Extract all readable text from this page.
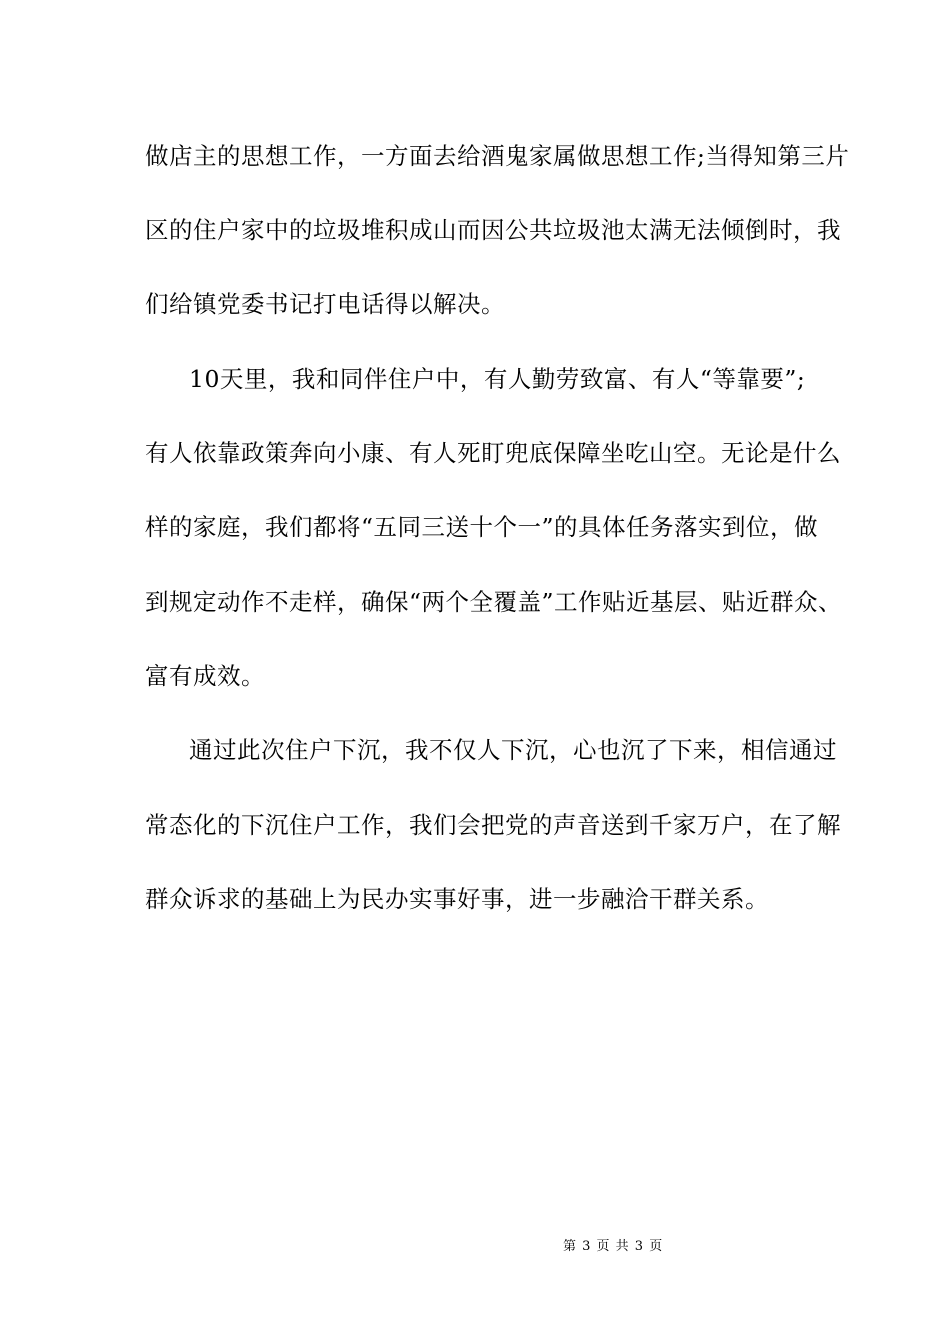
做店主的思想工作，一方面去给酒鬼家属做思想工作;当得知第三片
区的住户家中的垃圾堆积成山而因公共垃圾池太满无法倾倒时，我
们给镇党委书记打电话得以解决。
10天里，我和同伴住户中，有人勤劳致富、有人“等靠要”;
有人依靠政策奔向小康、有人死盯兜底保障坐吃山空。无论是什么
样的家庭，我们都将“五同三送十个一”的具体任务落实到位，做
到规定动作不走样，确保“两个全覆盖”工作贴近基层、贴近群众、
富有成效。
通过此次住户下沉，我不仅人下沉，心也沉了下来，相信通过
常态化的下沉住户工作，我们会把党的声音送到千家万户，在了解
群众诉求的基础上为民办实事好事，进一步融洽干群关系。
第 3 页 共 3 页
